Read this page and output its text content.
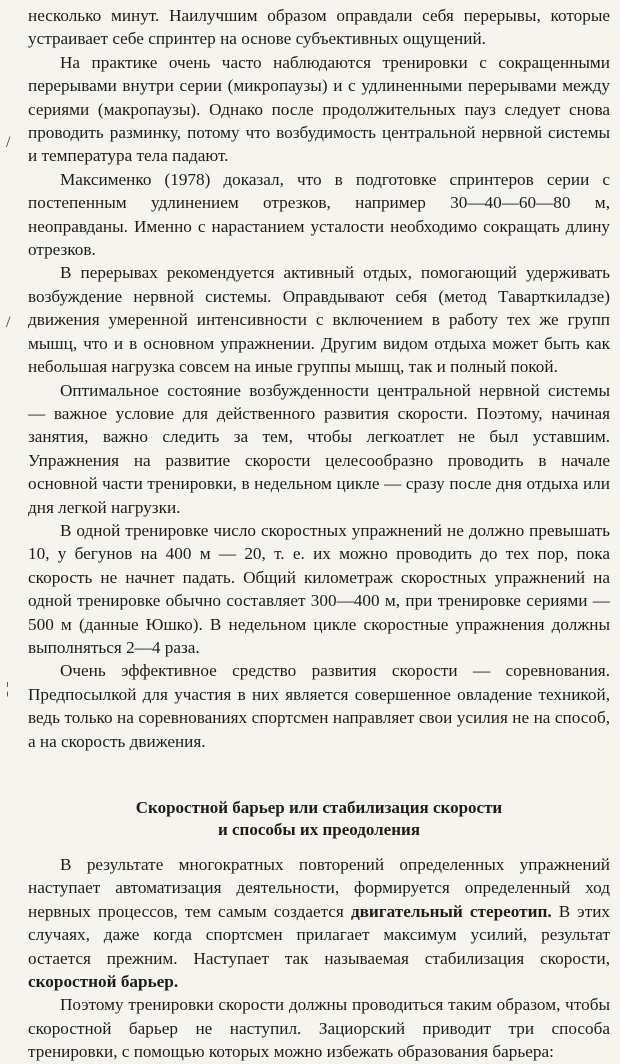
/
/
¦

несколько минут. Наилучшим образом оправдали себя перерывы, которые устраивает себе спринтер на основе субъективных ощущений.

На практике очень часто наблюдаются тренировки с сокращенными перерывами внутри серии (микропаузы) и с удлиненными перерывами между сериями (макропаузы). Однако после продолжительных пауз следует снова проводить разминку, потому что возбудимость центральной нервной системы и температура тела падают.

Максименко (1978) доказал, что в подготовке спринтеров серии с постепенным удлинением отрезков, например 30—40—60—80 м, неоправданы. Именно с нарастанием усталости необходимо сокращать длину отрезков.

В перерывах рекомендуется активный отдых, помогающий удерживать возбуждение нервной системы. Оправдывают себя (метод Таварткиладзе) движения умеренной интенсивности с включением в работу тех же групп мышц, что и в основном упражнении. Другим видом отдыха может быть как небольшая нагрузка совсем на иные группы мышц, так и полный покой.

Оптимальное состояние возбужденности центральной нервной системы — важное условие для действенного развития скорости. Поэтому, начиная занятия, важно следить за тем, чтобы легкоатлет не был уставшим. Упражнения на развитие скорости целесообразно проводить в начале основной части тренировки, в недельном цикле — сразу после дня отдыха или дня легкой нагрузки.

В одной тренировке число скоростных упражнений не должно превышать 10, у бегунов на 400 м — 20, т. е. их можно проводить до тех пор, пока скорость не начнет падать. Общий километраж скоростных упражнений на одной тренировке обычно составляет 300—400 м, при тренировке сериями — 500 м (данные Юшко). В недельном цикле скоростные упражнения должны выполняться 2—4 раза.

Очень эффективное средство развития скорости — соревнования. Предпосылкой для участия в них является совершенное овладение техникой, ведь только на соревнованиях спортсмен направляет свои усилия не на способ, а на скорость движения.

Скоростной барьер или стабилизация скорости
и способы их преодоления

В результате многократных повторений определенных упражнений наступает автоматизация деятельности, формируется определенный ход нервных процессов, тем самым создается двигательный стереотип. В этих случаях, даже когда спортсмен прилагает максимум усилий, результат остается прежним. Наступает так называемая стабилизация скорости, скоростной барьер.

Поэтому тренировки скорости должны проводиться таким образом, чтобы скоростной барьер не наступил. Зациорский приводит три способа тренировки, с помощью которых можно избежать образования барьера:
